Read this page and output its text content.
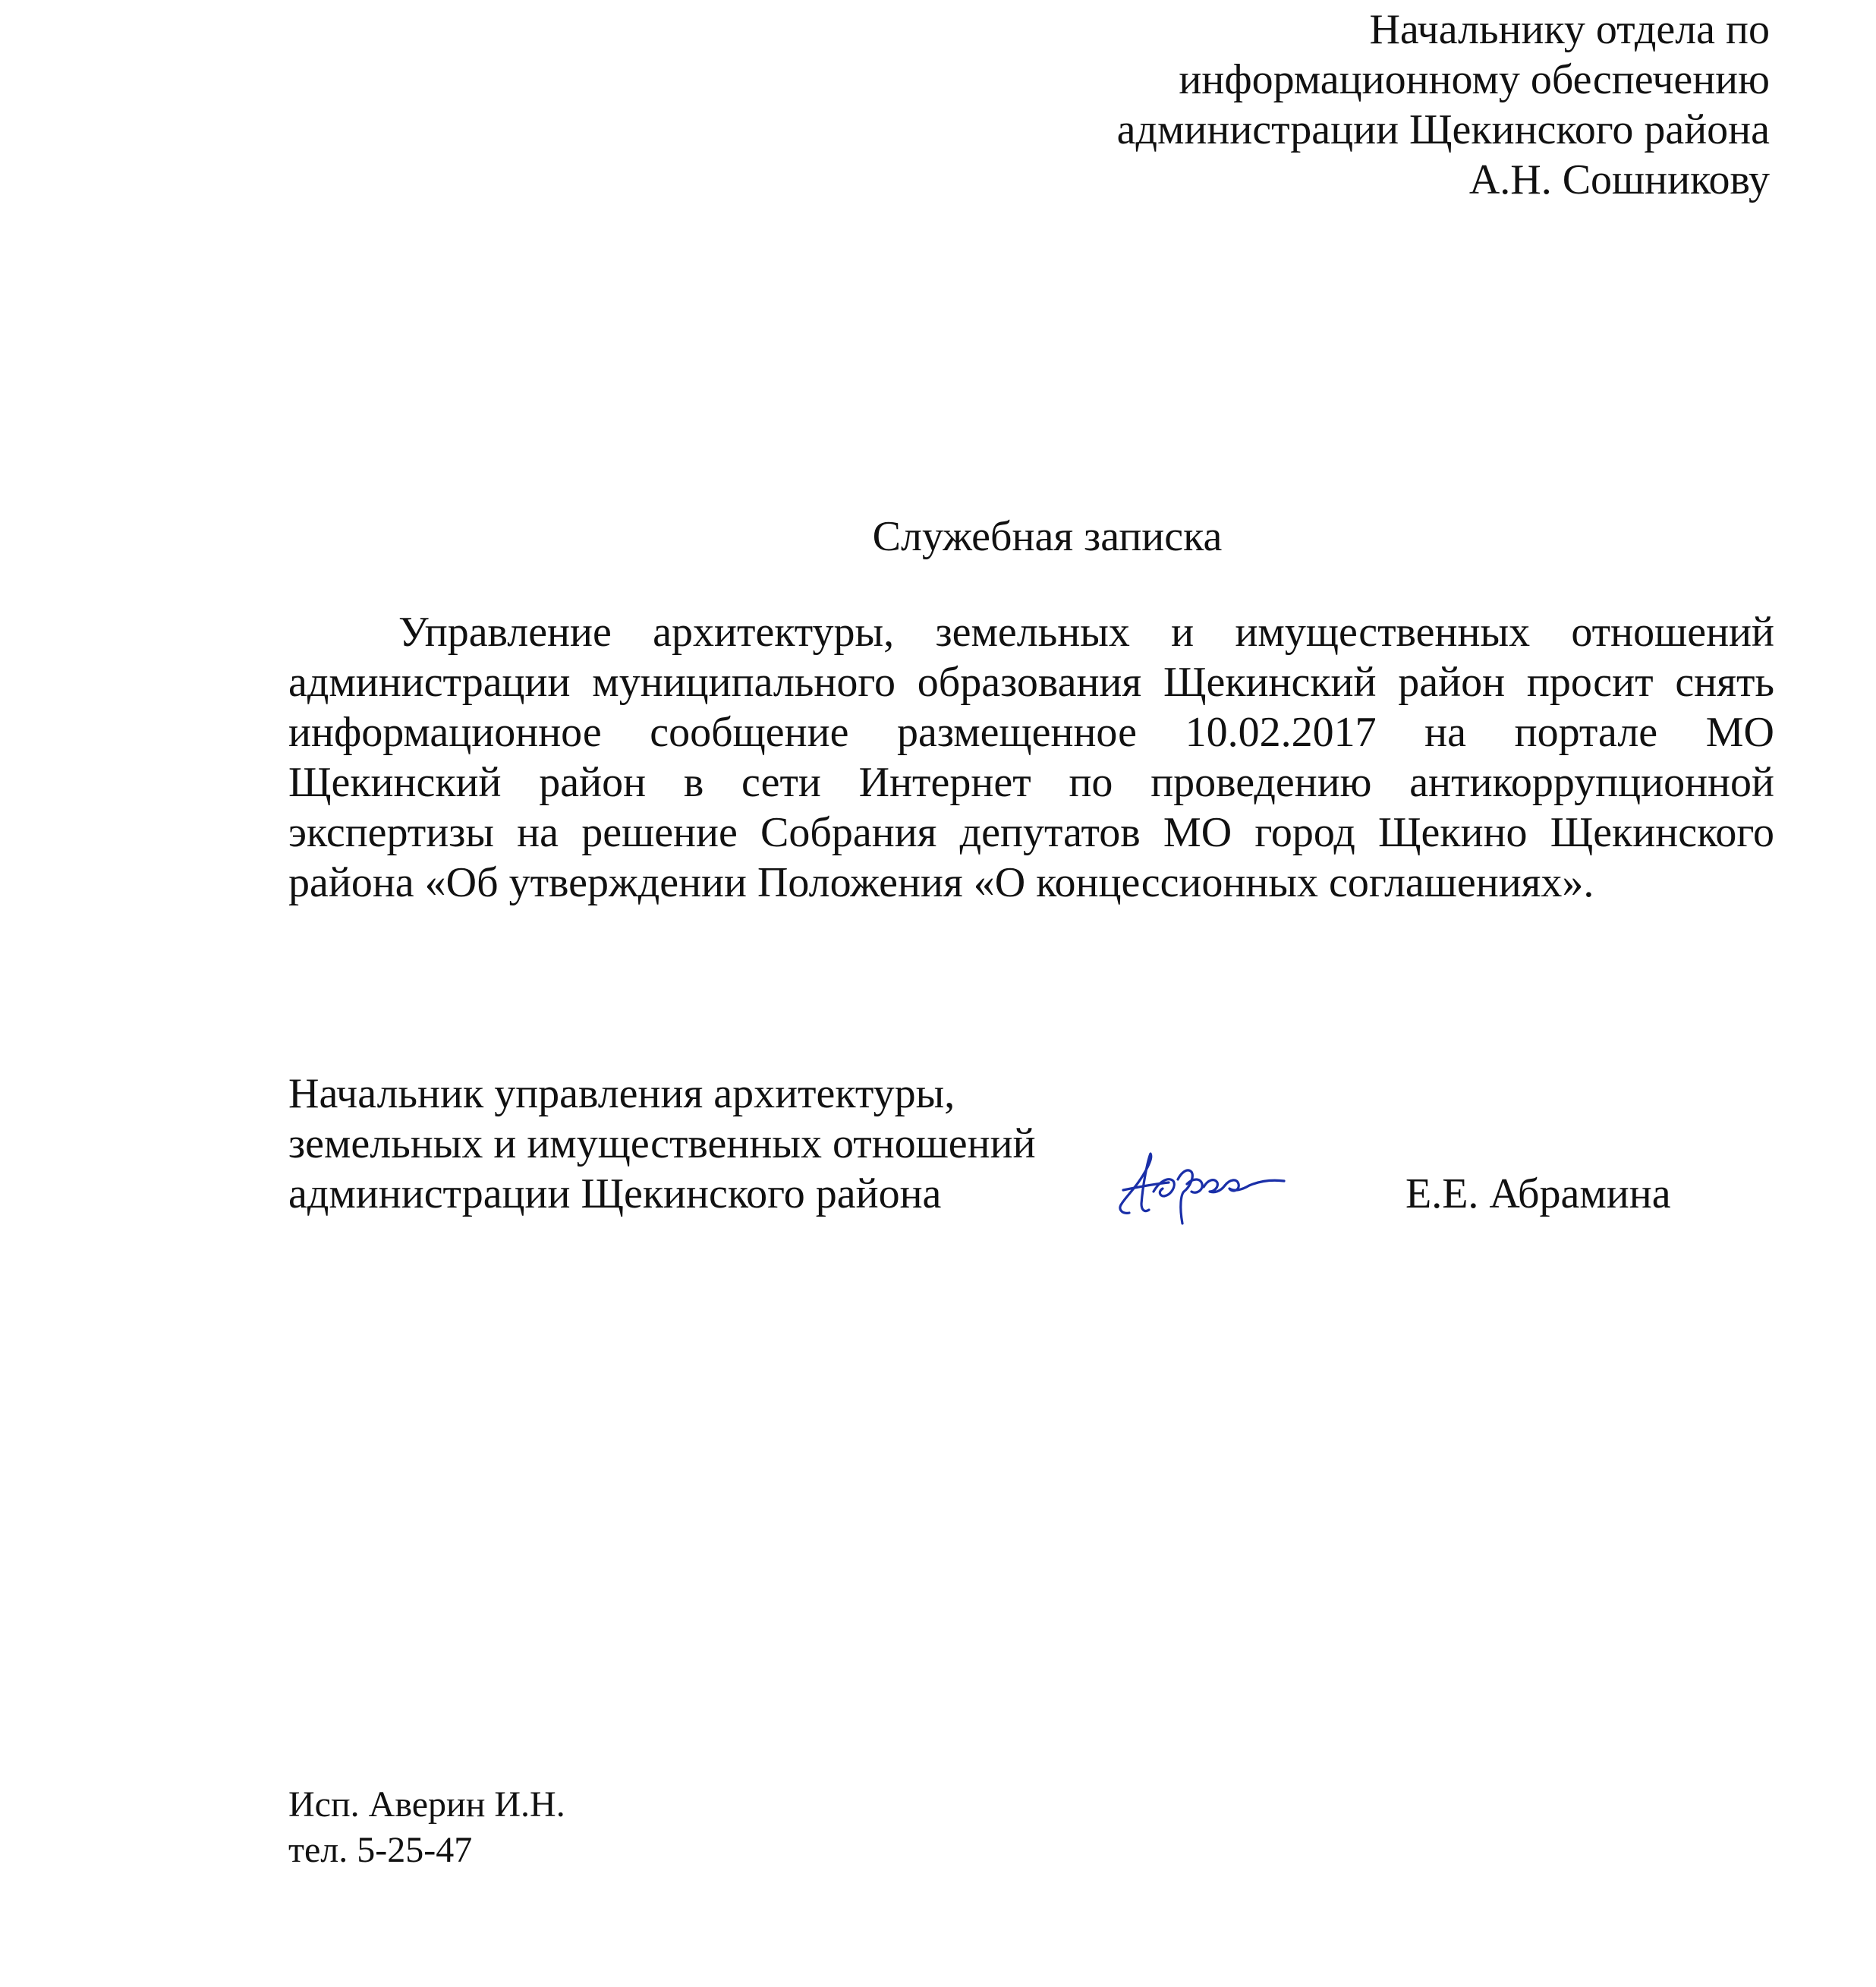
Начальнику отдела по
информационному обеспечению
администрации Щекинского района
А.Н. Сошникову
Служебная записка
Управление архитектуры, земельных и имущественных отношений
администрации муниципального образования Щекинский район просит снять
информационное сообщение размещенное 10.02.2017 на портале МО
Щекинский район в сети Интернет по проведению антикоррупционной
экспертизы на решение Собрания депутатов МО город Щекино Щекинского
района «Об утверждении Положения «О концессионных соглашениях».
Начальник управления архитектуры,
земельных и имущественных отношений
администрации Щекинского района	Е.Е. Абрамина
Исп. Аверин И.Н.
тел. 5-25-47
